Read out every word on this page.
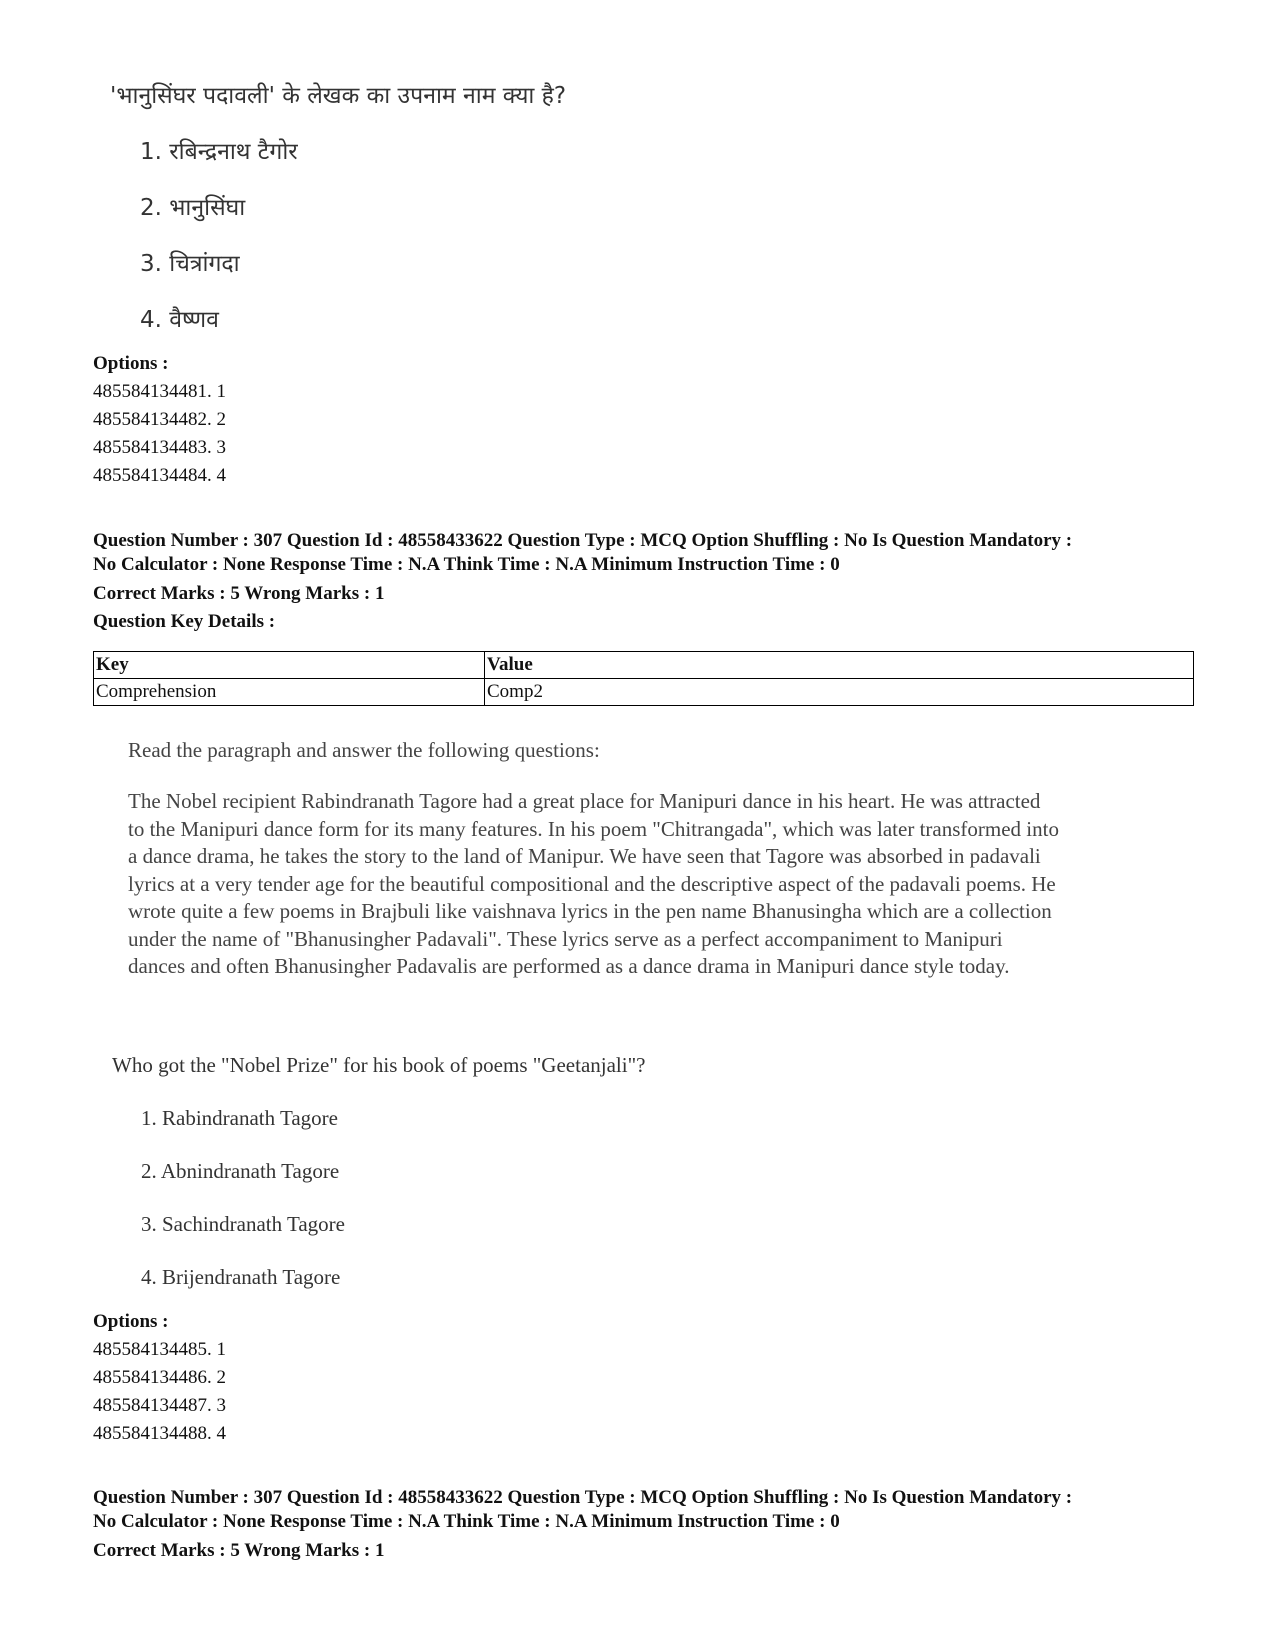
'भानुसिंघर पदावली' के लेखक का उपनाम नाम क्या है?
1. रबिन्द्रनाथ टैगोर
2. भानुसिंघा
3. चित्रांगदा
4. वैष्णव
Options :
485584134481. 1
485584134482. 2
485584134483. 3
485584134484. 4
Question Number : 307 Question Id : 48558433622 Question Type : MCQ Option Shuffling : No Is Question Mandatory :
No Calculator : None Response Time : N.A Think Time : N.A Minimum Instruction Time : 0
Correct Marks : 5 Wrong Marks : 1
Question Key Details :
Key	Value
Comprehension	Comp2
Read the paragraph and answer the following questions:
The Nobel recipient Rabindranath Tagore had a great place for Manipuri dance in his heart. He was attracted
to the Manipuri dance form for its many features. In his poem "Chitrangada", which was later transformed into
a dance drama, he takes the story to the land of Manipur. We have seen that Tagore was absorbed in padavali
lyrics at a very tender age for the beautiful compositional and the descriptive aspect of the padavali poems. He
wrote quite a few poems in Brajbuli like vaishnava lyrics in the pen name Bhanusingha which are a collection
under the name of "Bhanusingher Padavali". These lyrics serve as a perfect accompaniment to Manipuri
dances and often Bhanusingher Padavalis are performed as a dance drama in Manipuri dance style today.
Who got the "Nobel Prize" for his book of poems "Geetanjali"?
1. Rabindranath Tagore
2. Abnindranath Tagore
3. Sachindranath Tagore
4. Brijendranath Tagore
Options :
485584134485. 1
485584134486. 2
485584134487. 3
485584134488. 4
Question Number : 307 Question Id : 48558433622 Question Type : MCQ Option Shuffling : No Is Question Mandatory :
No Calculator : None Response Time : N.A Think Time : N.A Minimum Instruction Time : 0
Correct Marks : 5 Wrong Marks : 1
